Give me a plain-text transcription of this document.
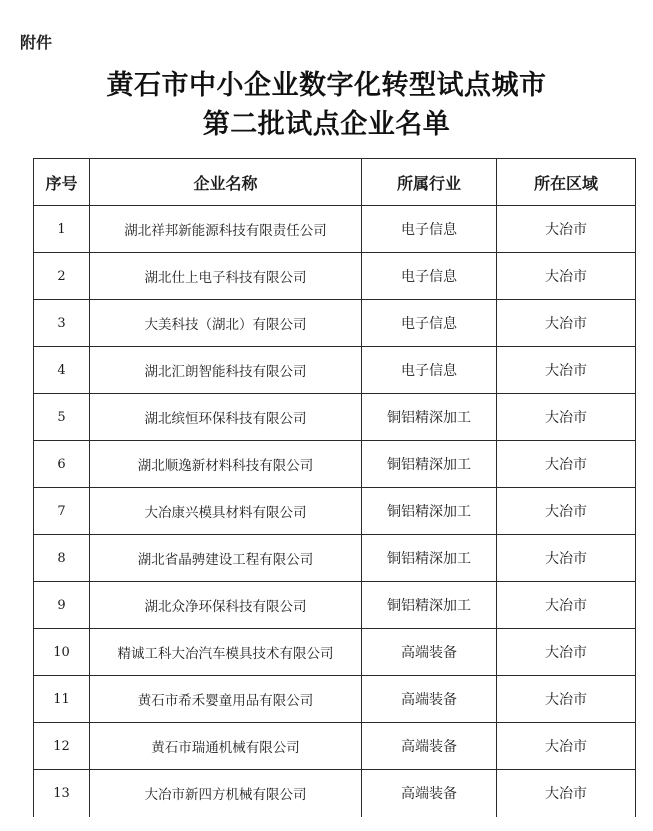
附件
黄石市中小企业数字化转型试点城市
第二批试点企业名单
序号	企业名称	所属行业	所在区域
1	湖北祥邦新能源科技有限责任公司	电子信息	大冶市
2	湖北仕上电子科技有限公司	电子信息	大冶市
3	大美科技（湖北）有限公司	电子信息	大冶市
4	湖北汇朗智能科技有限公司	电子信息	大冶市
5	湖北缤恒环保科技有限公司	铜铝精深加工	大冶市
6	湖北顺逸新材料科技有限公司	铜铝精深加工	大冶市
7	大冶康兴模具材料有限公司	铜铝精深加工	大冶市
8	湖北省晶骋建设工程有限公司	铜铝精深加工	大冶市
9	湖北众净环保科技有限公司	铜铝精深加工	大冶市
10	精诚工科大冶汽车模具技术有限公司	高端装备	大冶市
11	黄石市希禾婴童用品有限公司	高端装备	大冶市
12	黄石市瑞通机械有限公司	高端装备	大冶市
13	大冶市新四方机械有限公司	高端装备	大冶市
